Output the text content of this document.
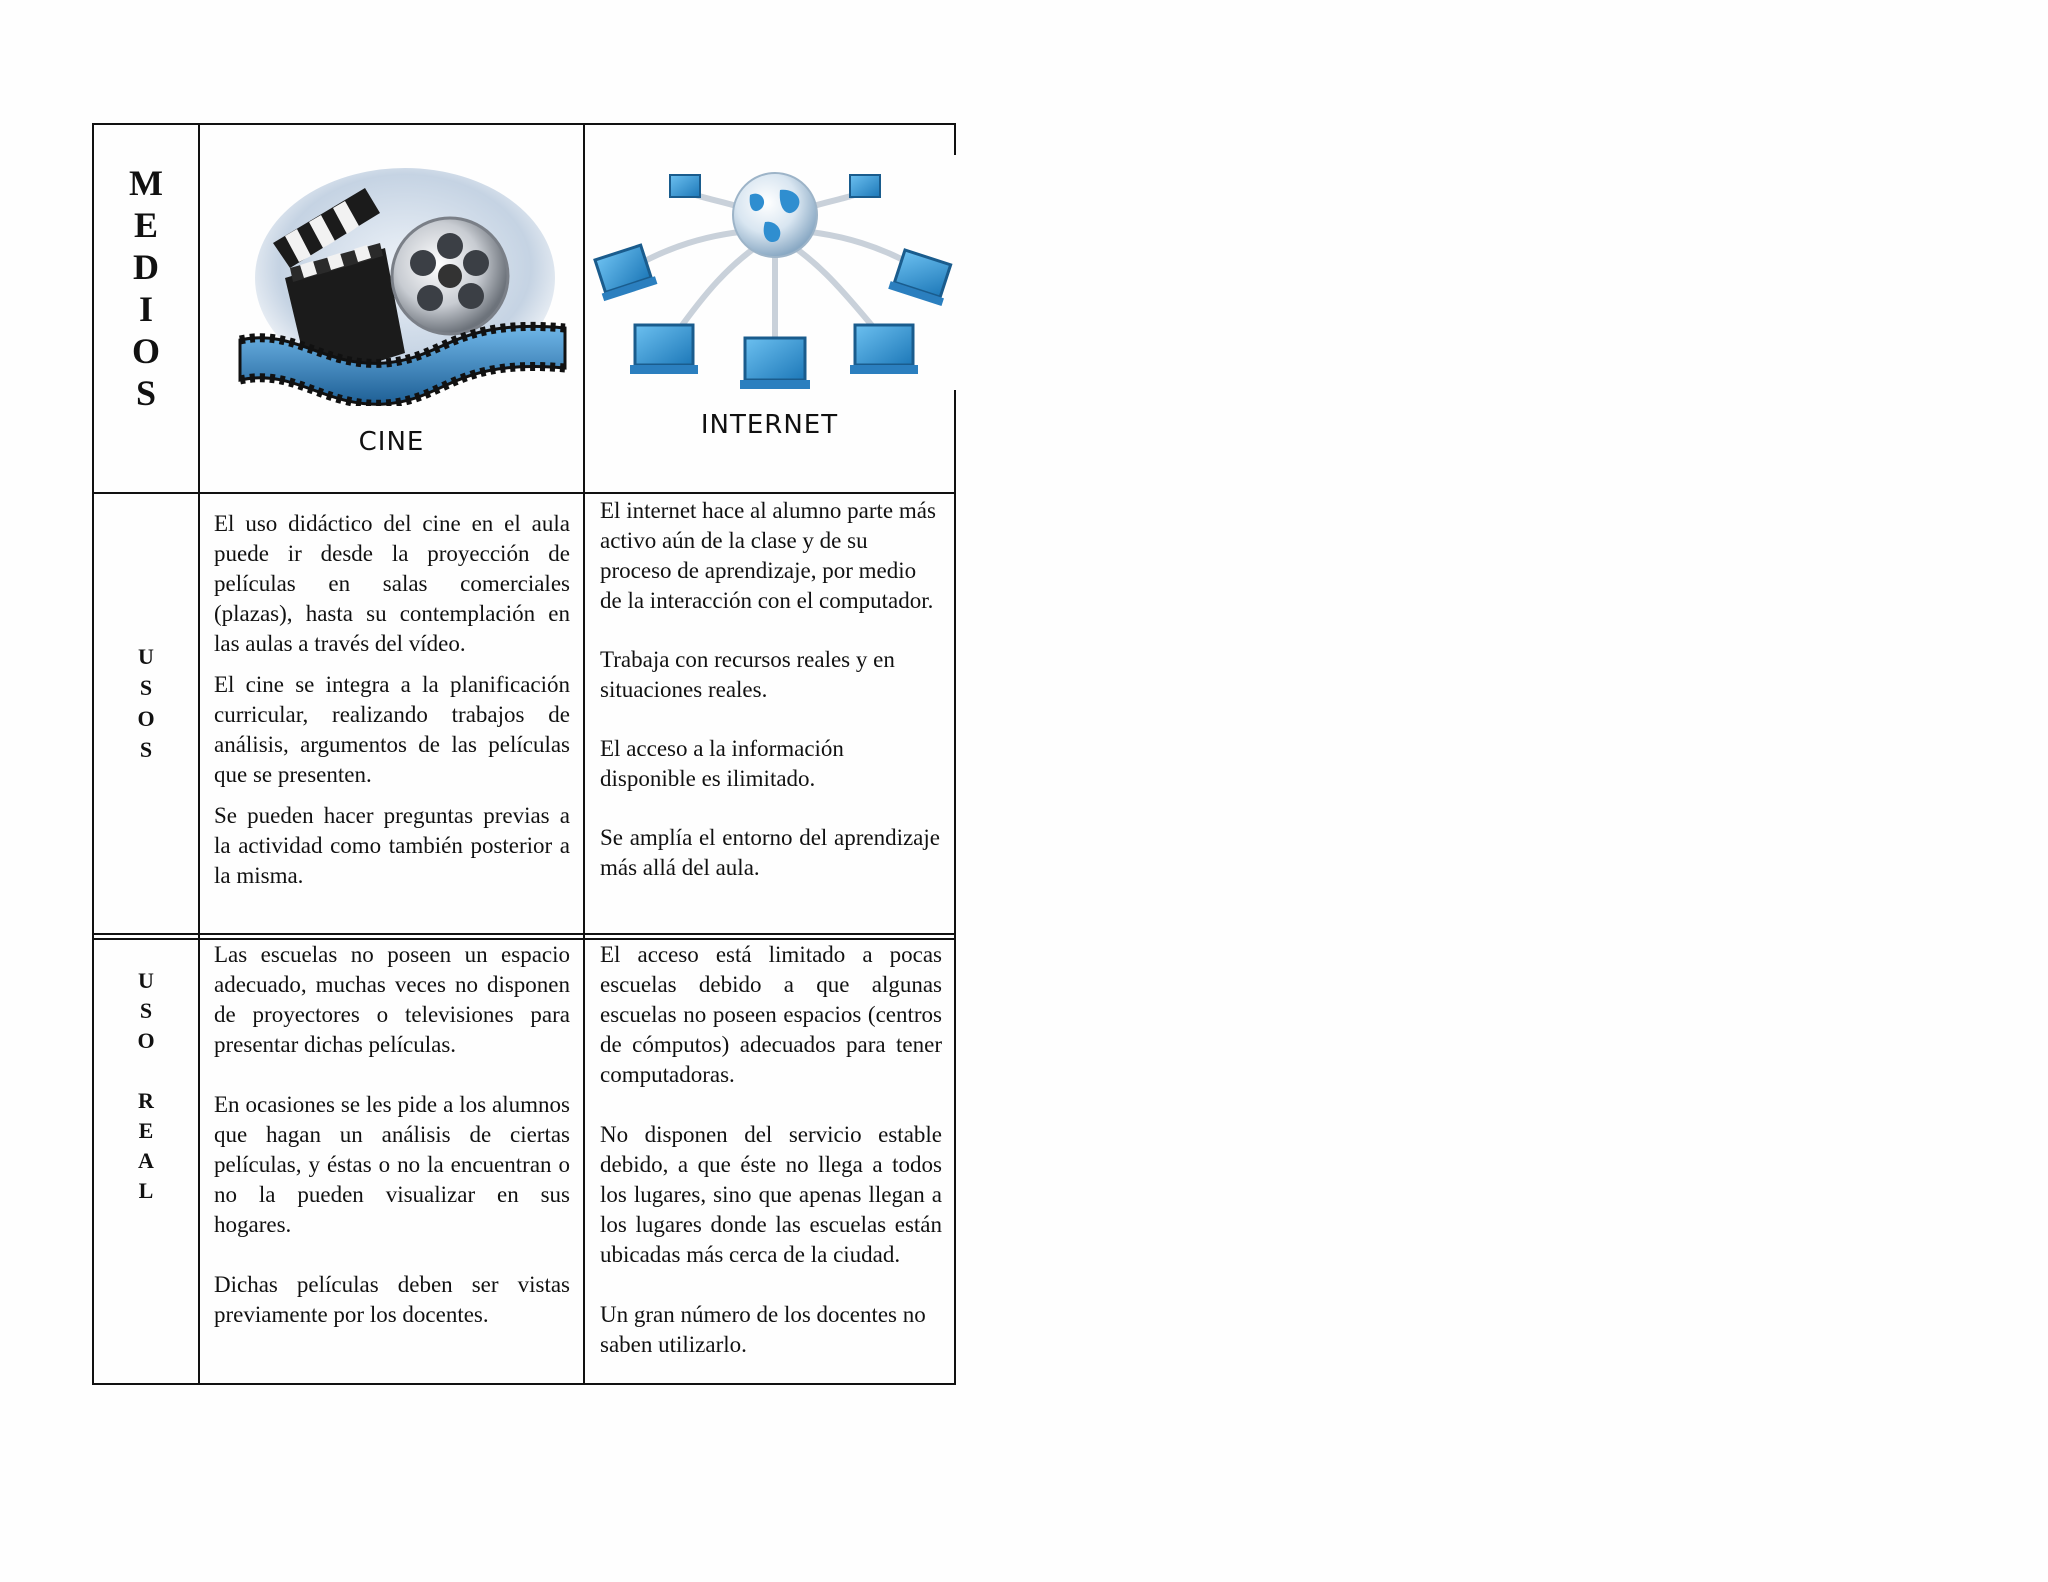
M
E
D
I
O
S
CINE
INTERNET
U
S
O
S

El uso didáctico del cine en el aula puede ir desde la proyección de películas en salas comerciales (plazas), hasta su contemplación en las aulas a través del vídeo.

El cine se integra a la planificación curricular, realizando trabajos de análisis, argumentos de las películas que se presenten.

Se pueden hacer preguntas previas a la actividad como también posterior a la misma.

El internet hace al alumno parte más activo aún de la clase y de su proceso de aprendizaje, por medio de la interacción con el computador.

Trabaja con recursos reales y en situaciones reales.

El acceso a la información disponible es ilimitado.

Se amplía el entorno del aprendizaje más allá del aula.

U
S
O
R
E
A
L

Las escuelas no poseen un espacio adecuado, muchas veces no disponen de proyectores o televisiones para presentar dichas películas.

En ocasiones se les pide a los alumnos que hagan un análisis de ciertas películas, y éstas o no la encuentran o no la pueden visualizar en sus hogares.

Dichas películas deben ser vistas previamente por los docentes.

El acceso está limitado a pocas escuelas debido a que algunas escuelas no poseen espacios (centros de cómputos) adecuados para tener computadoras.

No disponen del servicio estable debido, a que éste no llega a todos los lugares, sino que apenas llegan a los lugares donde las escuelas están ubicadas más cerca de la ciudad.

Un gran número de los docentes no saben utilizarlo.
